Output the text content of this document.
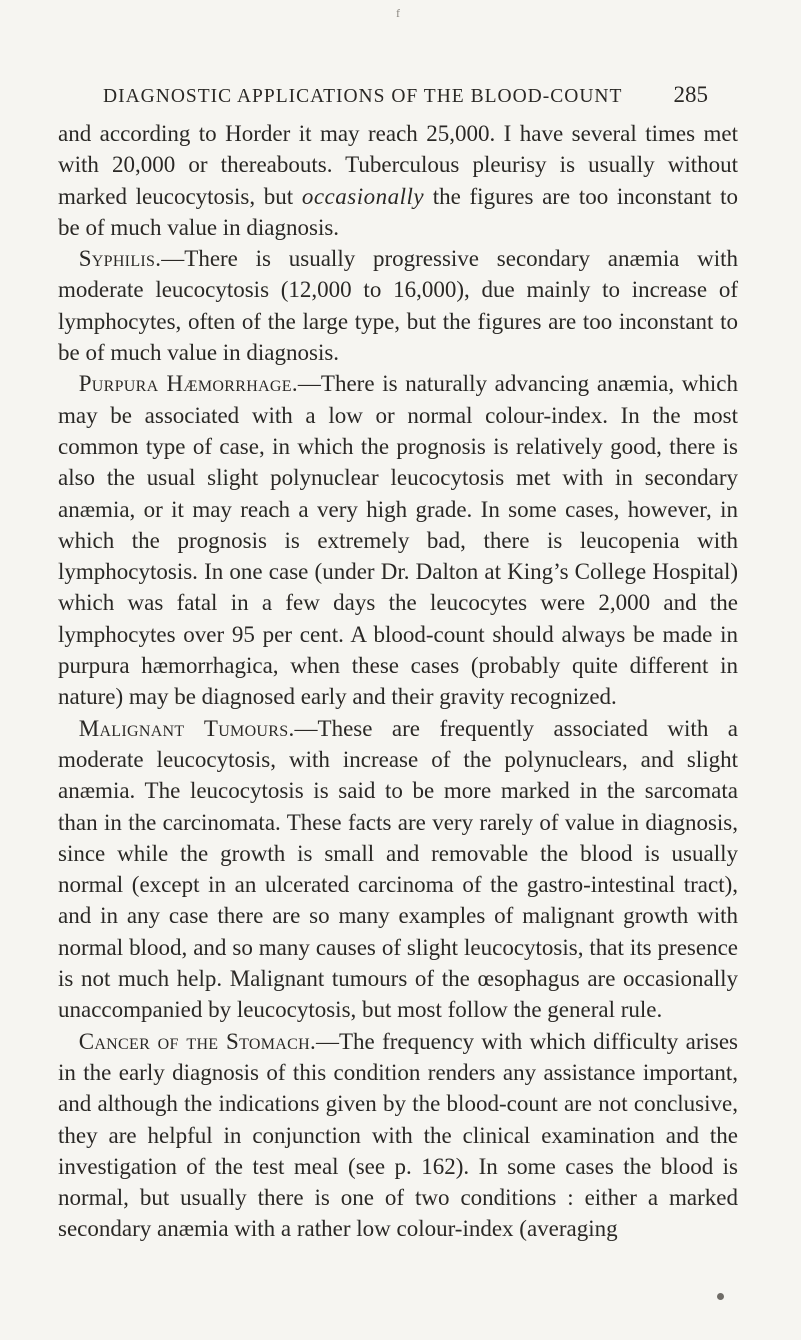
f
DIAGNOSTIC APPLICATIONS OF THE BLOOD-COUNT 285

and according to Horder it may reach 25,000. I have several times met with 20,000 or thereabouts. Tuberculous pleurisy is usually without marked leucocytosis, but occasionally the figures are too inconstant to be of much value in diagnosis.

Syphilis.—There is usually progressive secondary anæmia with moderate leucocytosis (12,000 to 16,000), due mainly to increase of lymphocytes, often of the large type, but the figures are too inconstant to be of much value in diagnosis.

Purpura Hæmorrhage.—There is naturally advancing anæmia, which may be associated with a low or normal colour-index. In the most common type of case, in which the prognosis is relatively good, there is also the usual slight polynuclear leucocytosis met with in secondary anæmia, or it may reach a very high grade. In some cases, however, in which the prognosis is extremely bad, there is leucopenia with lymphocytosis. In one case (under Dr. Dalton at King’s College Hospital) which was fatal in a few days the leucocytes were 2,000 and the lymphocytes over 95 per cent. A blood-count should always be made in purpura hæmorrhagica, when these cases (probably quite different in nature) may be diagnosed early and their gravity recognized.

Malignant Tumours.—These are frequently associated with a moderate leucocytosis, with increase of the polynuclears, and slight anæmia. The leucocytosis is said to be more marked in the sarcomata than in the carcinomata. These facts are very rarely of value in diagnosis, since while the growth is small and removable the blood is usually normal (except in an ulcerated carcinoma of the gastro-intestinal tract), and in any case there are so many examples of malignant growth with normal blood, and so many causes of slight leucocytosis, that its presence is not much help. Malignant tumours of the œsophagus are occasionally unaccompanied by leucocytosis, but most follow the general rule.

Cancer of the Stomach.—The frequency with which difficulty arises in the early diagnosis of this condition renders any assistance important, and although the indications given by the blood-count are not conclusive, they are helpful in conjunction with the clinical examination and the investigation of the test meal (see p. 162). In some cases the blood is normal, but usually there is one of two conditions : either a marked secondary anæmia with a rather low colour-index (averaging
